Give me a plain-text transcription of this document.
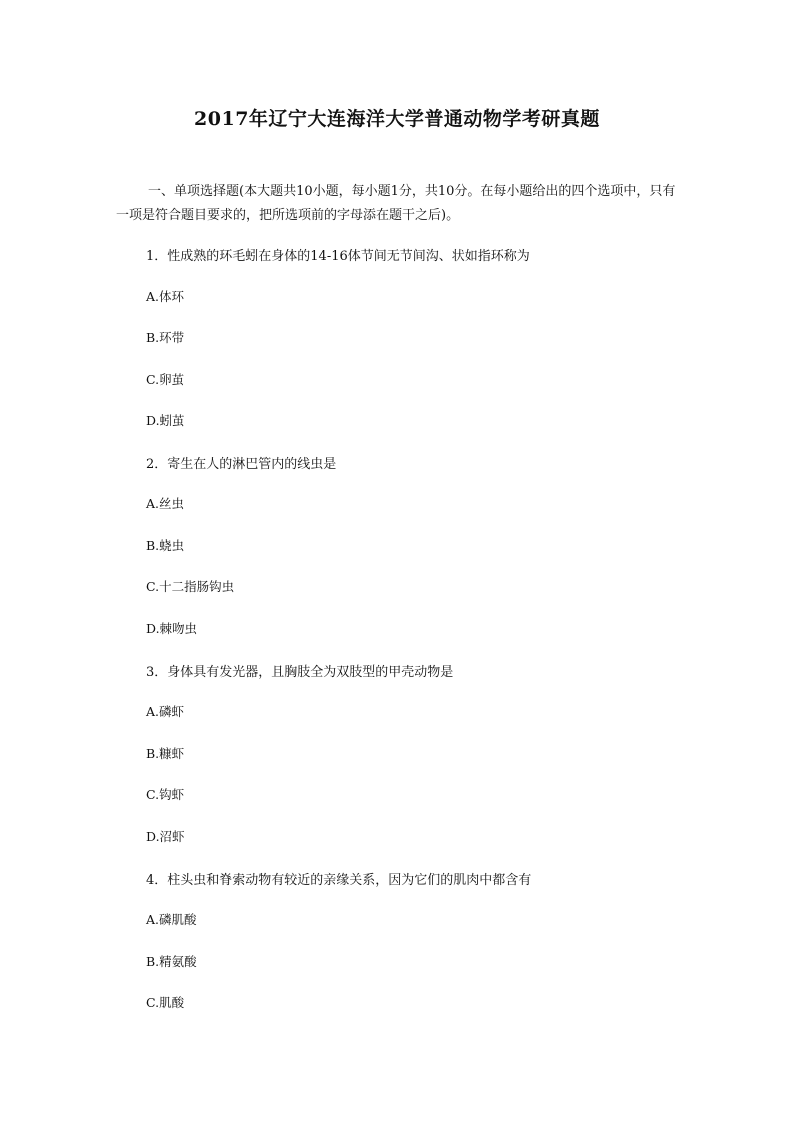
2017年辽宁大连海洋大学普通动物学考研真题
一、单项选择题(本大题共10小题，每小题1分，共10分。在每小题给出的四个选项中，只有一项是符合题目要求的，把所选项前的字母添在题干之后)。
1．性成熟的环毛蚓在身体的14-16体节间无节间沟、状如指环称为
A.体环
B.环带
C.卵茧
D.蚓茧
2．寄生在人的淋巴管内的线虫是
A.丝虫
B.蛲虫
C.十二指肠钩虫
D.棘吻虫
3．身体具有发光器，且胸肢全为双肢型的甲壳动物是
A.磷虾
B.糠虾
C.钩虾
D.沼虾
4．柱头虫和脊索动物有较近的亲缘关系，因为它们的肌肉中都含有
A.磷肌酸
B.精氨酸
C.肌酸
